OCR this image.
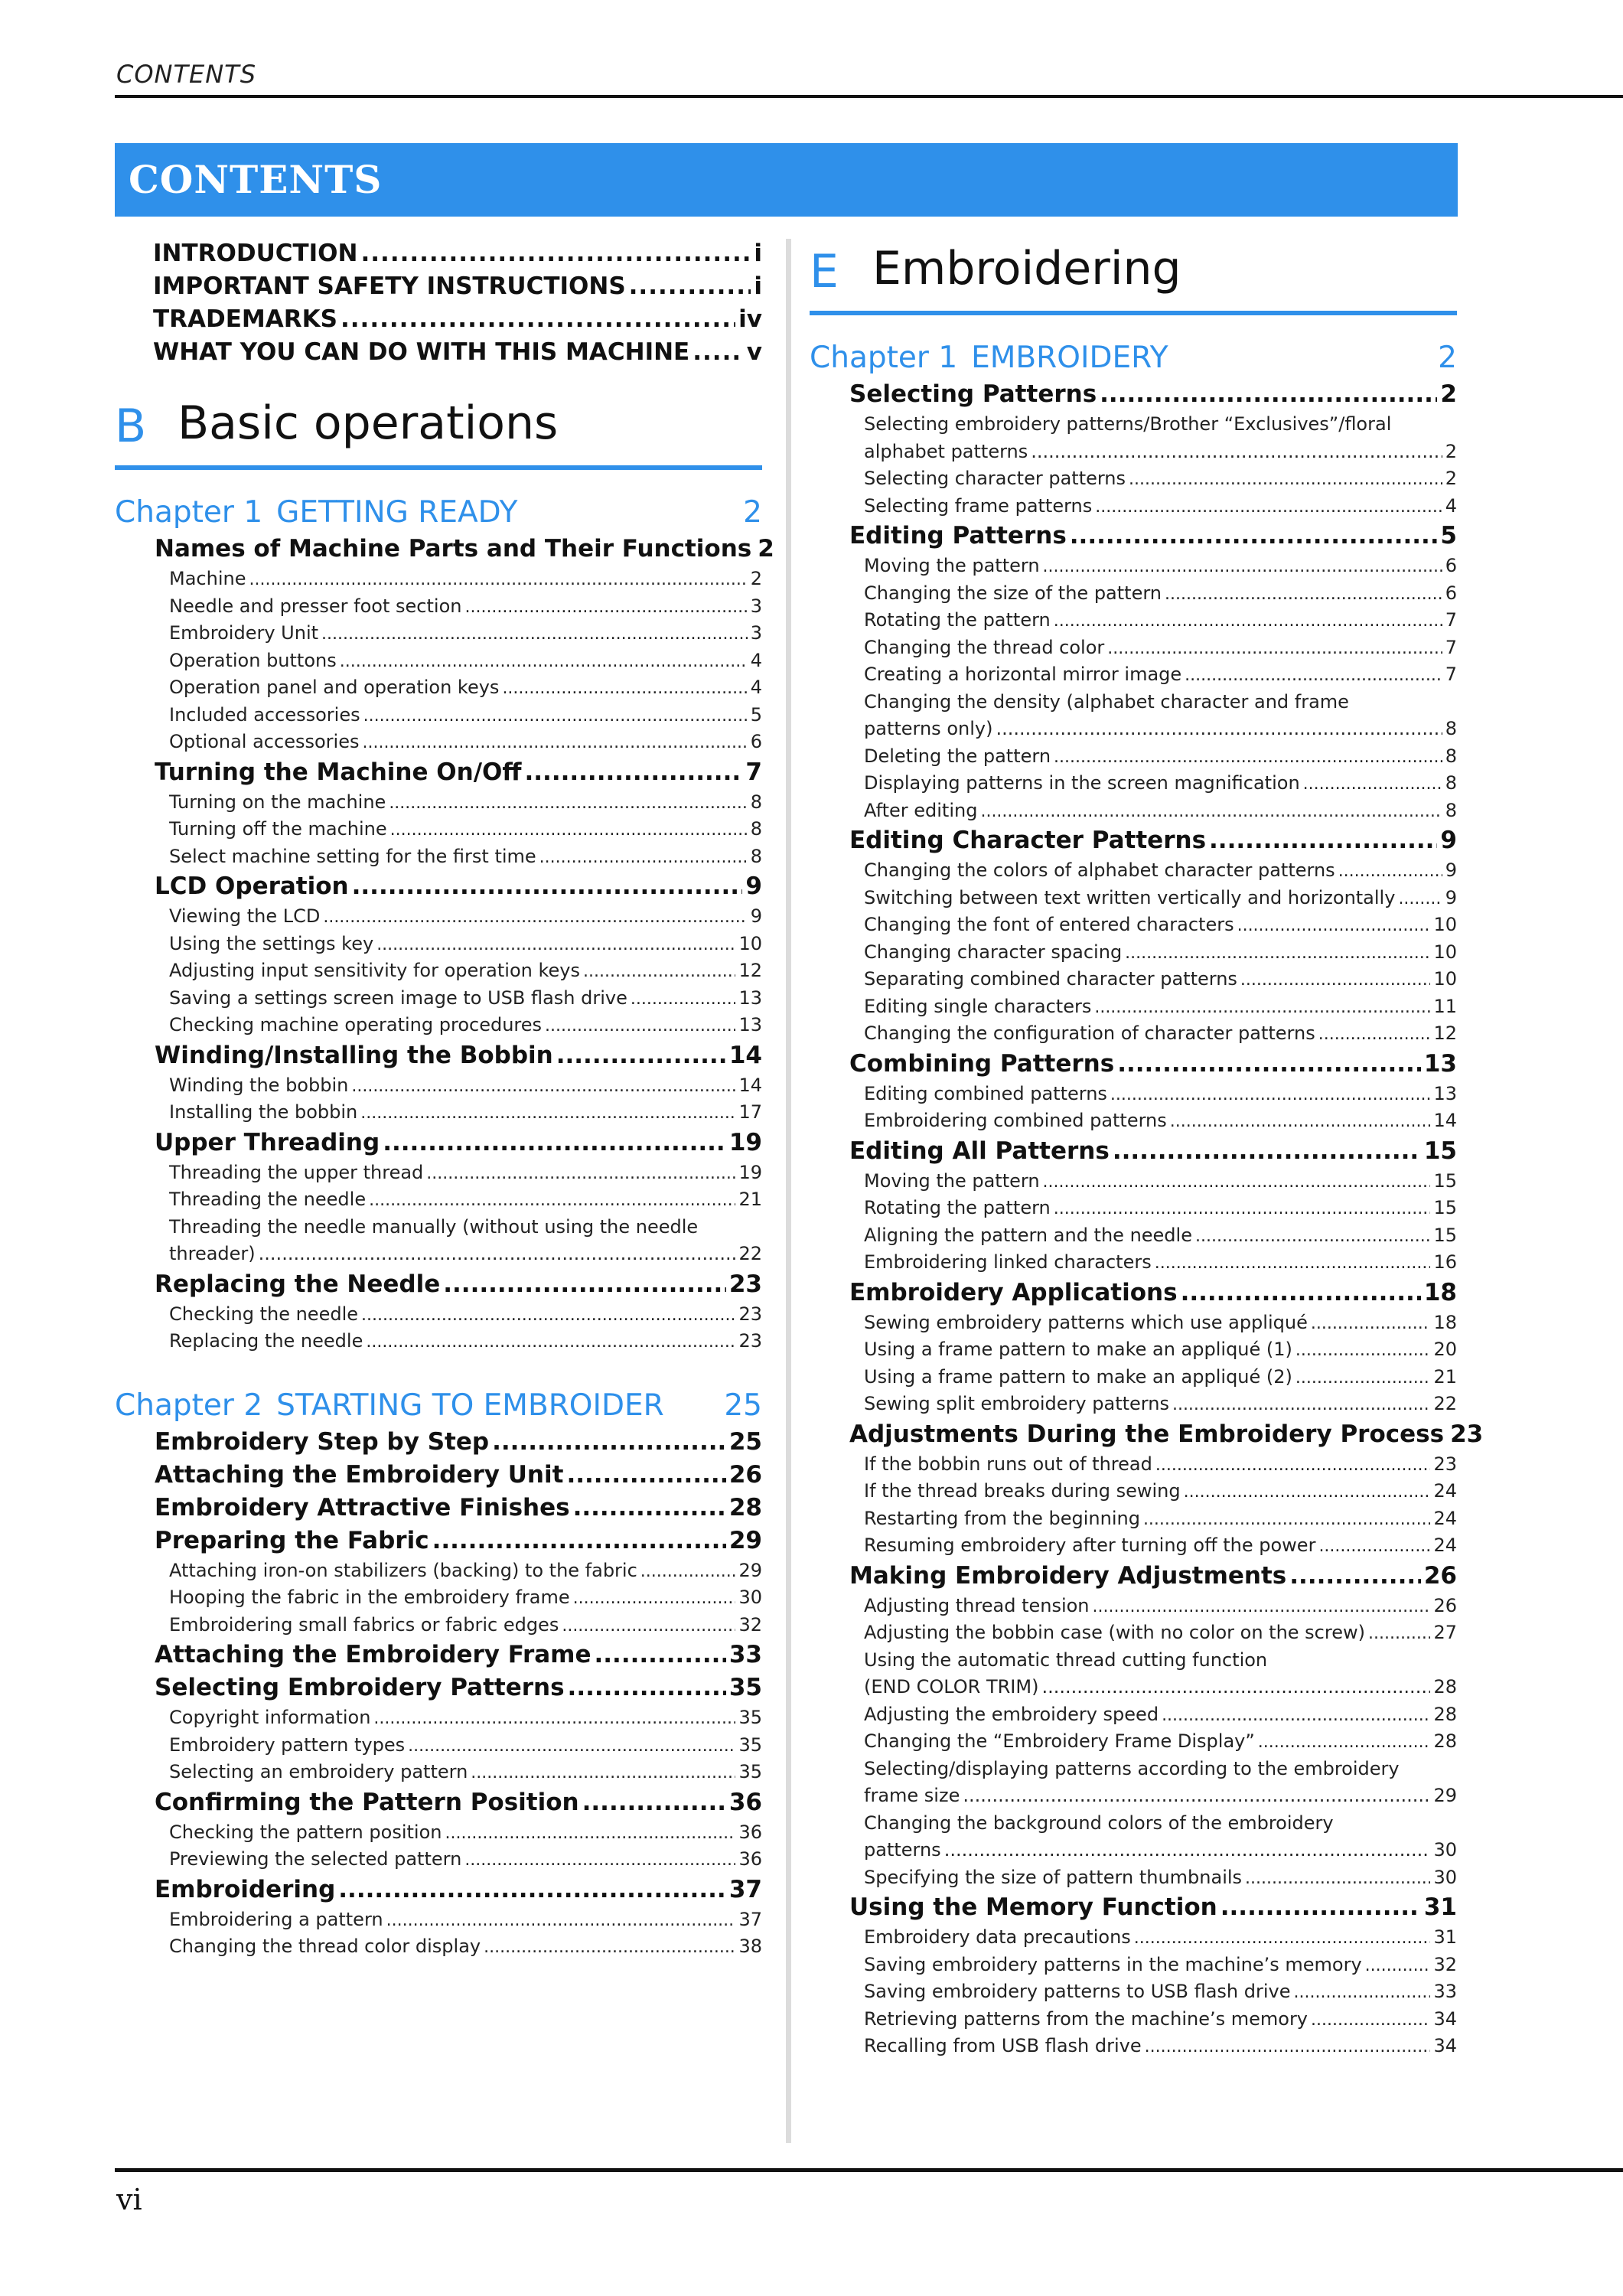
CONTENTS
CONTENTS
INTRODUCTION .....	i
IMPORTANT SAFETY INSTRUCTIONS .....	i
TRADEMARKS .....	iv
WHAT YOU CAN DO WITH THIS MACHINE ..... v
B Basic operations
Chapter 1 GETTING READY	2
Names of Machine Parts and Their Functions 2
Machine .....	2
Needle and presser foot section .....	3
Embroidery Unit .....	3
Operation buttons .....	4
Operation panel and operation keys .....	4
Included accessories .....	5
Optional accessories .....	6
Turning the Machine On/Off .....	7
Turning on the machine .....	8
Turning off the machine .....	8
Select machine setting for the first time .....	8
LCD Operation .....	9
Viewing the LCD .....	9
Using the settings key .....	10
Adjusting input sensitivity for operation keys .....	12
Saving a settings screen image to USB flash drive .....	13
Checking machine operating procedures .....	13
Winding/Installing the Bobbin .....	14
Winding the bobbin .....	14
Installing the bobbin .....	17
Upper Threading .....	19
Threading the upper thread .....	19
Threading the needle .....	21
Threading the needle manually (without using the needle
threader) .....	22
Replacing the Needle .....	23
Checking the needle .....	23
Replacing the needle .....	23
Chapter 2 STARTING TO EMBROIDER	25
Embroidery Step by Step .....	25
Attaching the Embroidery Unit .....	26
Embroidery Attractive Finishes .....	28
Preparing the Fabric .....	29
Attaching iron-on stabilizers (backing) to the fabric .....	29
Hooping the fabric in the embroidery frame .....	30
Embroidering small fabrics or fabric edges .....	32
Attaching the Embroidery Frame .....	33
Selecting Embroidery Patterns .....	35
Copyright information .....	35
Embroidery pattern types .....	35
Selecting an embroidery pattern .....	35
Confirming the Pattern Position .....	36
Checking the pattern position .....	36
Previewing the selected pattern .....	36
Embroidering .....	37
Embroidering a pattern .....	37
Changing the thread color display .....	38
E Embroidering
Chapter 1 EMBROIDERY	2
Selecting Patterns .....	2
Selecting embroidery patterns/Brother “Exclusives”/floral
alphabet patterns .....	2
Selecting character patterns .....	2
Selecting frame patterns .....	4
Editing Patterns .....	5
Moving the pattern .....	6
Changing the size of the pattern .....	6
Rotating the pattern .....	7
Changing the thread color .....	7
Creating a horizontal mirror image .....	7
Changing the density (alphabet character and frame
patterns only) .....	8
Deleting the pattern .....	8
Displaying patterns in the screen magnification .....	8
After editing .....	8
Editing Character Patterns .....	9
Changing the colors of alphabet character patterns .....	9
Switching between text written vertically and horizontally .....	9
Changing the font of entered characters .....	10
Changing character spacing .....	10
Separating combined character patterns .....	10
Editing single characters .....	11
Changing the configuration of character patterns .....	12
Combining Patterns .....	13
Editing combined patterns .....	13
Embroidering combined patterns .....	14
Editing All Patterns .....	15
Moving the pattern .....	15
Rotating the pattern .....	15
Aligning the pattern and the needle .....	15
Embroidering linked characters .....	16
Embroidery Applications .....	18
Sewing embroidery patterns which use appliqué .....	18
Using a frame pattern to make an appliqué (1) .....	20
Using a frame pattern to make an appliqué (2) .....	21
Sewing split embroidery patterns .....	22
Adjustments During the Embroidery Process 23
If the bobbin runs out of thread .....	23
If the thread breaks during sewing .....	24
Restarting from the beginning .....	24
Resuming embroidery after turning off the power .....	24
Making Embroidery Adjustments .....	26
Adjusting thread tension .....	26
Adjusting the bobbin case (with no color on the screw) .....	27
Using the automatic thread cutting function
(END COLOR TRIM) .....	28
Adjusting the embroidery speed .....	28
Changing the “Embroidery Frame Display” .....	28
Selecting/displaying patterns according to the embroidery
frame size .....	29
Changing the background colors of the embroidery
patterns .....	30
Specifying the size of pattern thumbnails .....	30
Using the Memory Function .....	31
Embroidery data precautions .....	31
Saving embroidery patterns in the machine’s memory .....	32
Saving embroidery patterns to USB flash drive .....	33
Retrieving patterns from the machine’s memory .....	34
Recalling from USB flash drive .....	34
vi
